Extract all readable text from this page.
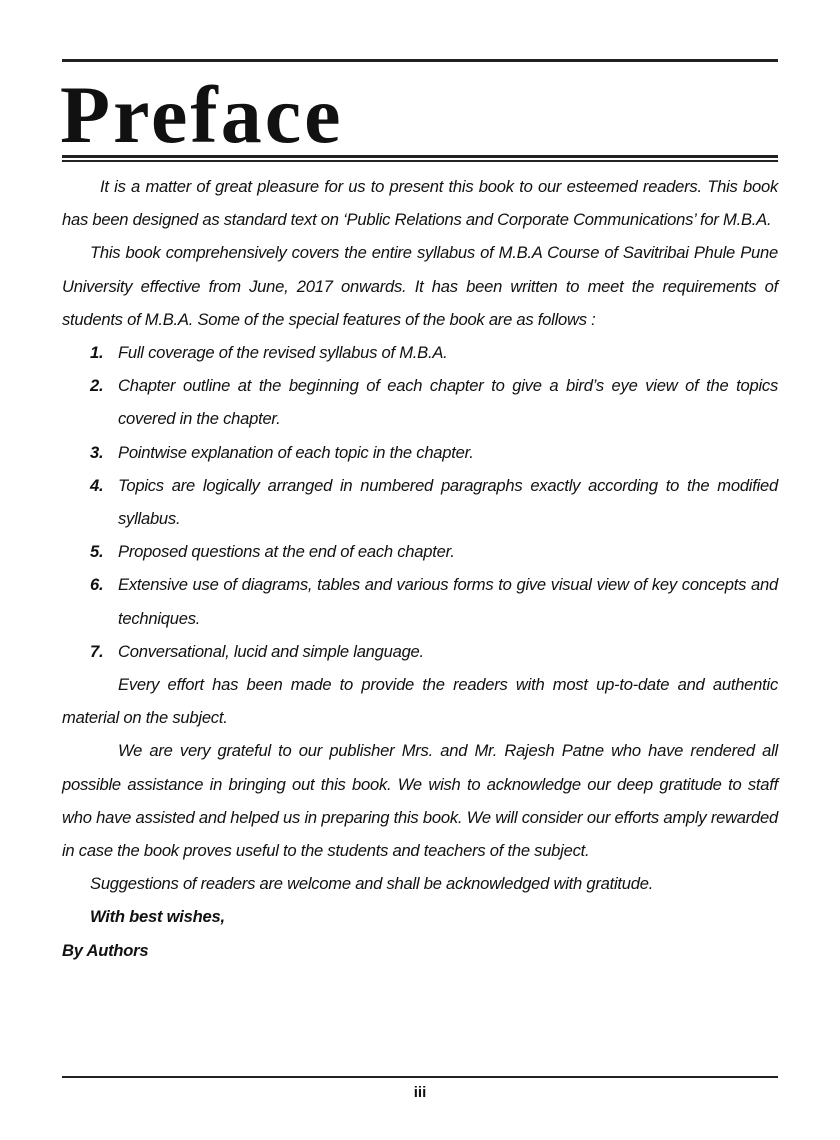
Preface

It is a matter of great pleasure for us to present this book to our esteemed readers. This book has been designed as standard text on ‘Public Relations and Corporate Communications’ for M.B.A.

This book comprehensively covers the entire syllabus of M.B.A Course of Savitribai Phule Pune University effective from June, 2017 onwards. It has been written to meet the requirements of students of M.B.A. Some of the special features of the book are as follows :

1. Full coverage of the revised syllabus of M.B.A.
2. Chapter outline at the beginning of each chapter to give a bird’s eye view of the topics covered in the chapter.
3. Pointwise explanation of each topic in the chapter.
4. Topics are logically arranged in numbered paragraphs exactly according to the modified syllabus.
5. Proposed questions at the end of each chapter.
6. Extensive use of diagrams, tables and various forms to give visual view of key concepts and techniques.
7. Conversational, lucid and simple language.

Every effort has been made to provide the readers with most up-to-date and authentic material on the subject.

We are very grateful to our publisher Mrs. and Mr. Rajesh Patne who have rendered all possible assistance in bringing out this book. We wish to acknowledge our deep gratitude to staff who have assisted and helped us in preparing this book. We will consider our efforts amply rewarded in case the book proves useful to the students and teachers of the subject.

Suggestions of readers are welcome and shall be acknowledged with gratitude.

With best wishes,

By Authors

iii
